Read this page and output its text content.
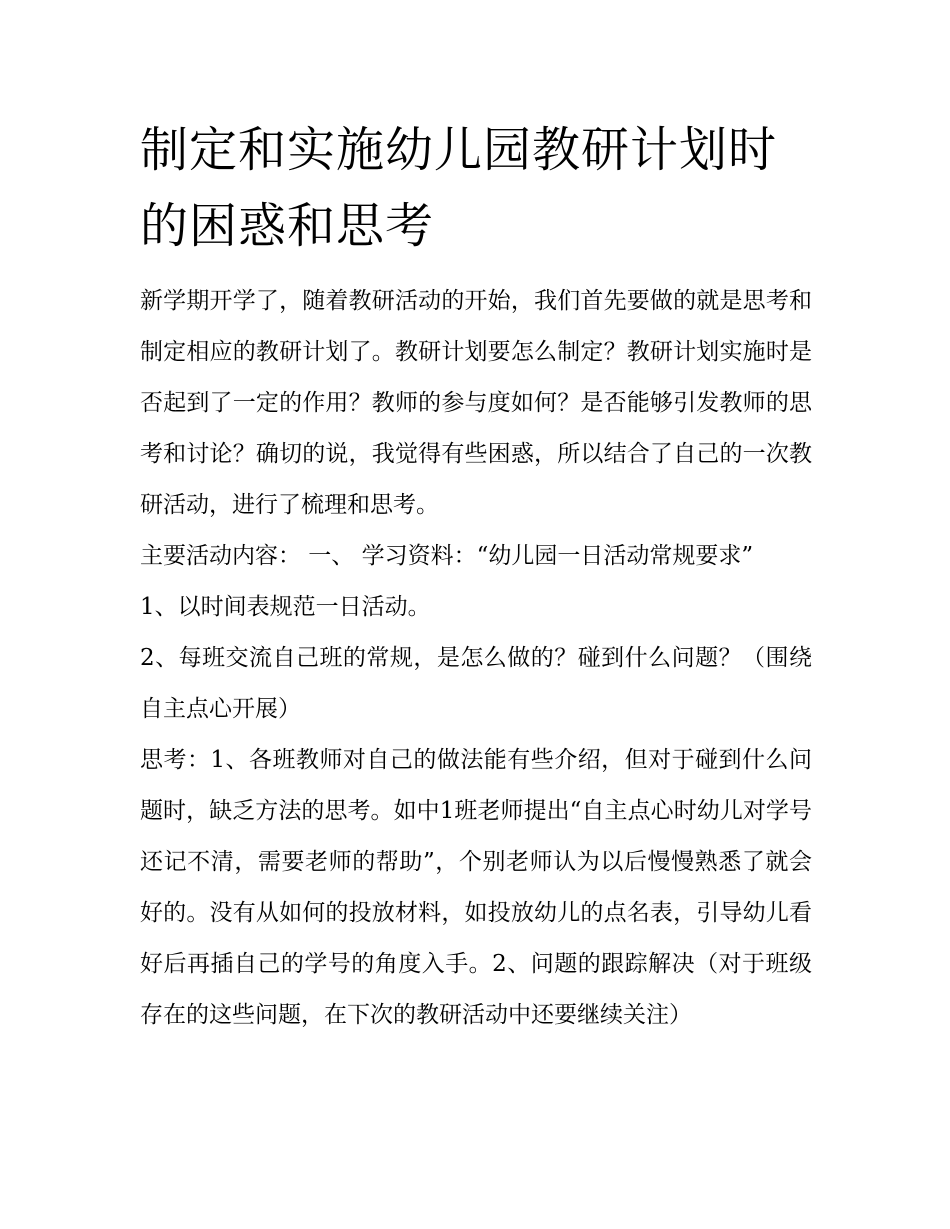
制定和实施幼儿园教研计划时的困惑和思考

新学期开学了，随着教研活动的开始，我们首先要做的就是思考和制定相应的教研计划了。教研计划要怎么制定？教研计划实施时是否起到了一定的作用？教师的参与度如何？是否能够引发教师的思考和讨论？确切的说，我觉得有些困惑，所以结合了自己的一次教研活动，进行了梳理和思考。

主要活动内容： 一、 学习资料：“幼儿园一日活动常规要求”

1、以时间表规范一日活动。

2、每班交流自己班的常规，是怎么做的？碰到什么问题？（围绕自主点心开展）

思考：1、各班教师对自己的做法能有些介绍，但对于碰到什么问题时，缺乏方法的思考。如中1班老师提出“自主点心时幼儿对学号还记不清，需要老师的帮助”，个别老师认为以后慢慢熟悉了就会好的。没有从如何的投放材料，如投放幼儿的点名表，引导幼儿看好后再插自己的学号的角度入手。2、问题的跟踪解决（对于班级存在的这些问题，在下次的教研活动中还要继续关注）
